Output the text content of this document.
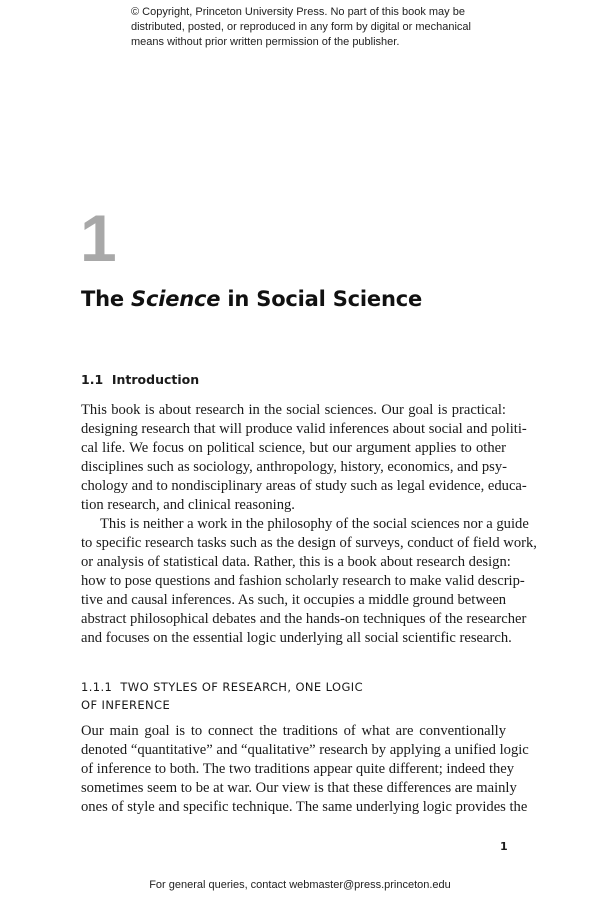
© Copyright, Princeton University Press. No part of this book may be
distributed, posted, or reproduced in any form by digital or mechanical
means without prior written permission of the publisher.
1
The Science in Social Science
1.1  Introduction
This book is about research in the social sciences. Our goal is practical:
designing research that will produce valid inferences about social and politi-
cal life. We focus on political science, but our argument applies to other
disciplines such as sociology, anthropology, history, economics, and psy-
chology and to nondisciplinary areas of study such as legal evidence, educa-
tion research, and clinical reasoning.
This is neither a work in the philosophy of the social sciences nor a guide
to specific research tasks such as the design of surveys, conduct of field work,
or analysis of statistical data. Rather, this is a book about research design:
how to pose questions and fashion scholarly research to make valid descrip-
tive and causal inferences. As such, it occupies a middle ground between
abstract philosophical debates and the hands-on techniques of the researcher
and focuses on the essential logic underlying all social scientific research.
1.1.1  TWO STYLES OF RESEARCH, ONE LOGIC
OF INFERENCE
Our main goal is to connect the traditions of what are conventionally
denoted “quantitative” and “qualitative” research by applying a unified logic
of inference to both. The two traditions appear quite different; indeed they
sometimes seem to be at war. Our view is that these differences are mainly
ones of style and specific technique. The same underlying logic provides the
1
For general queries, contact webmaster@press.princeton.edu
